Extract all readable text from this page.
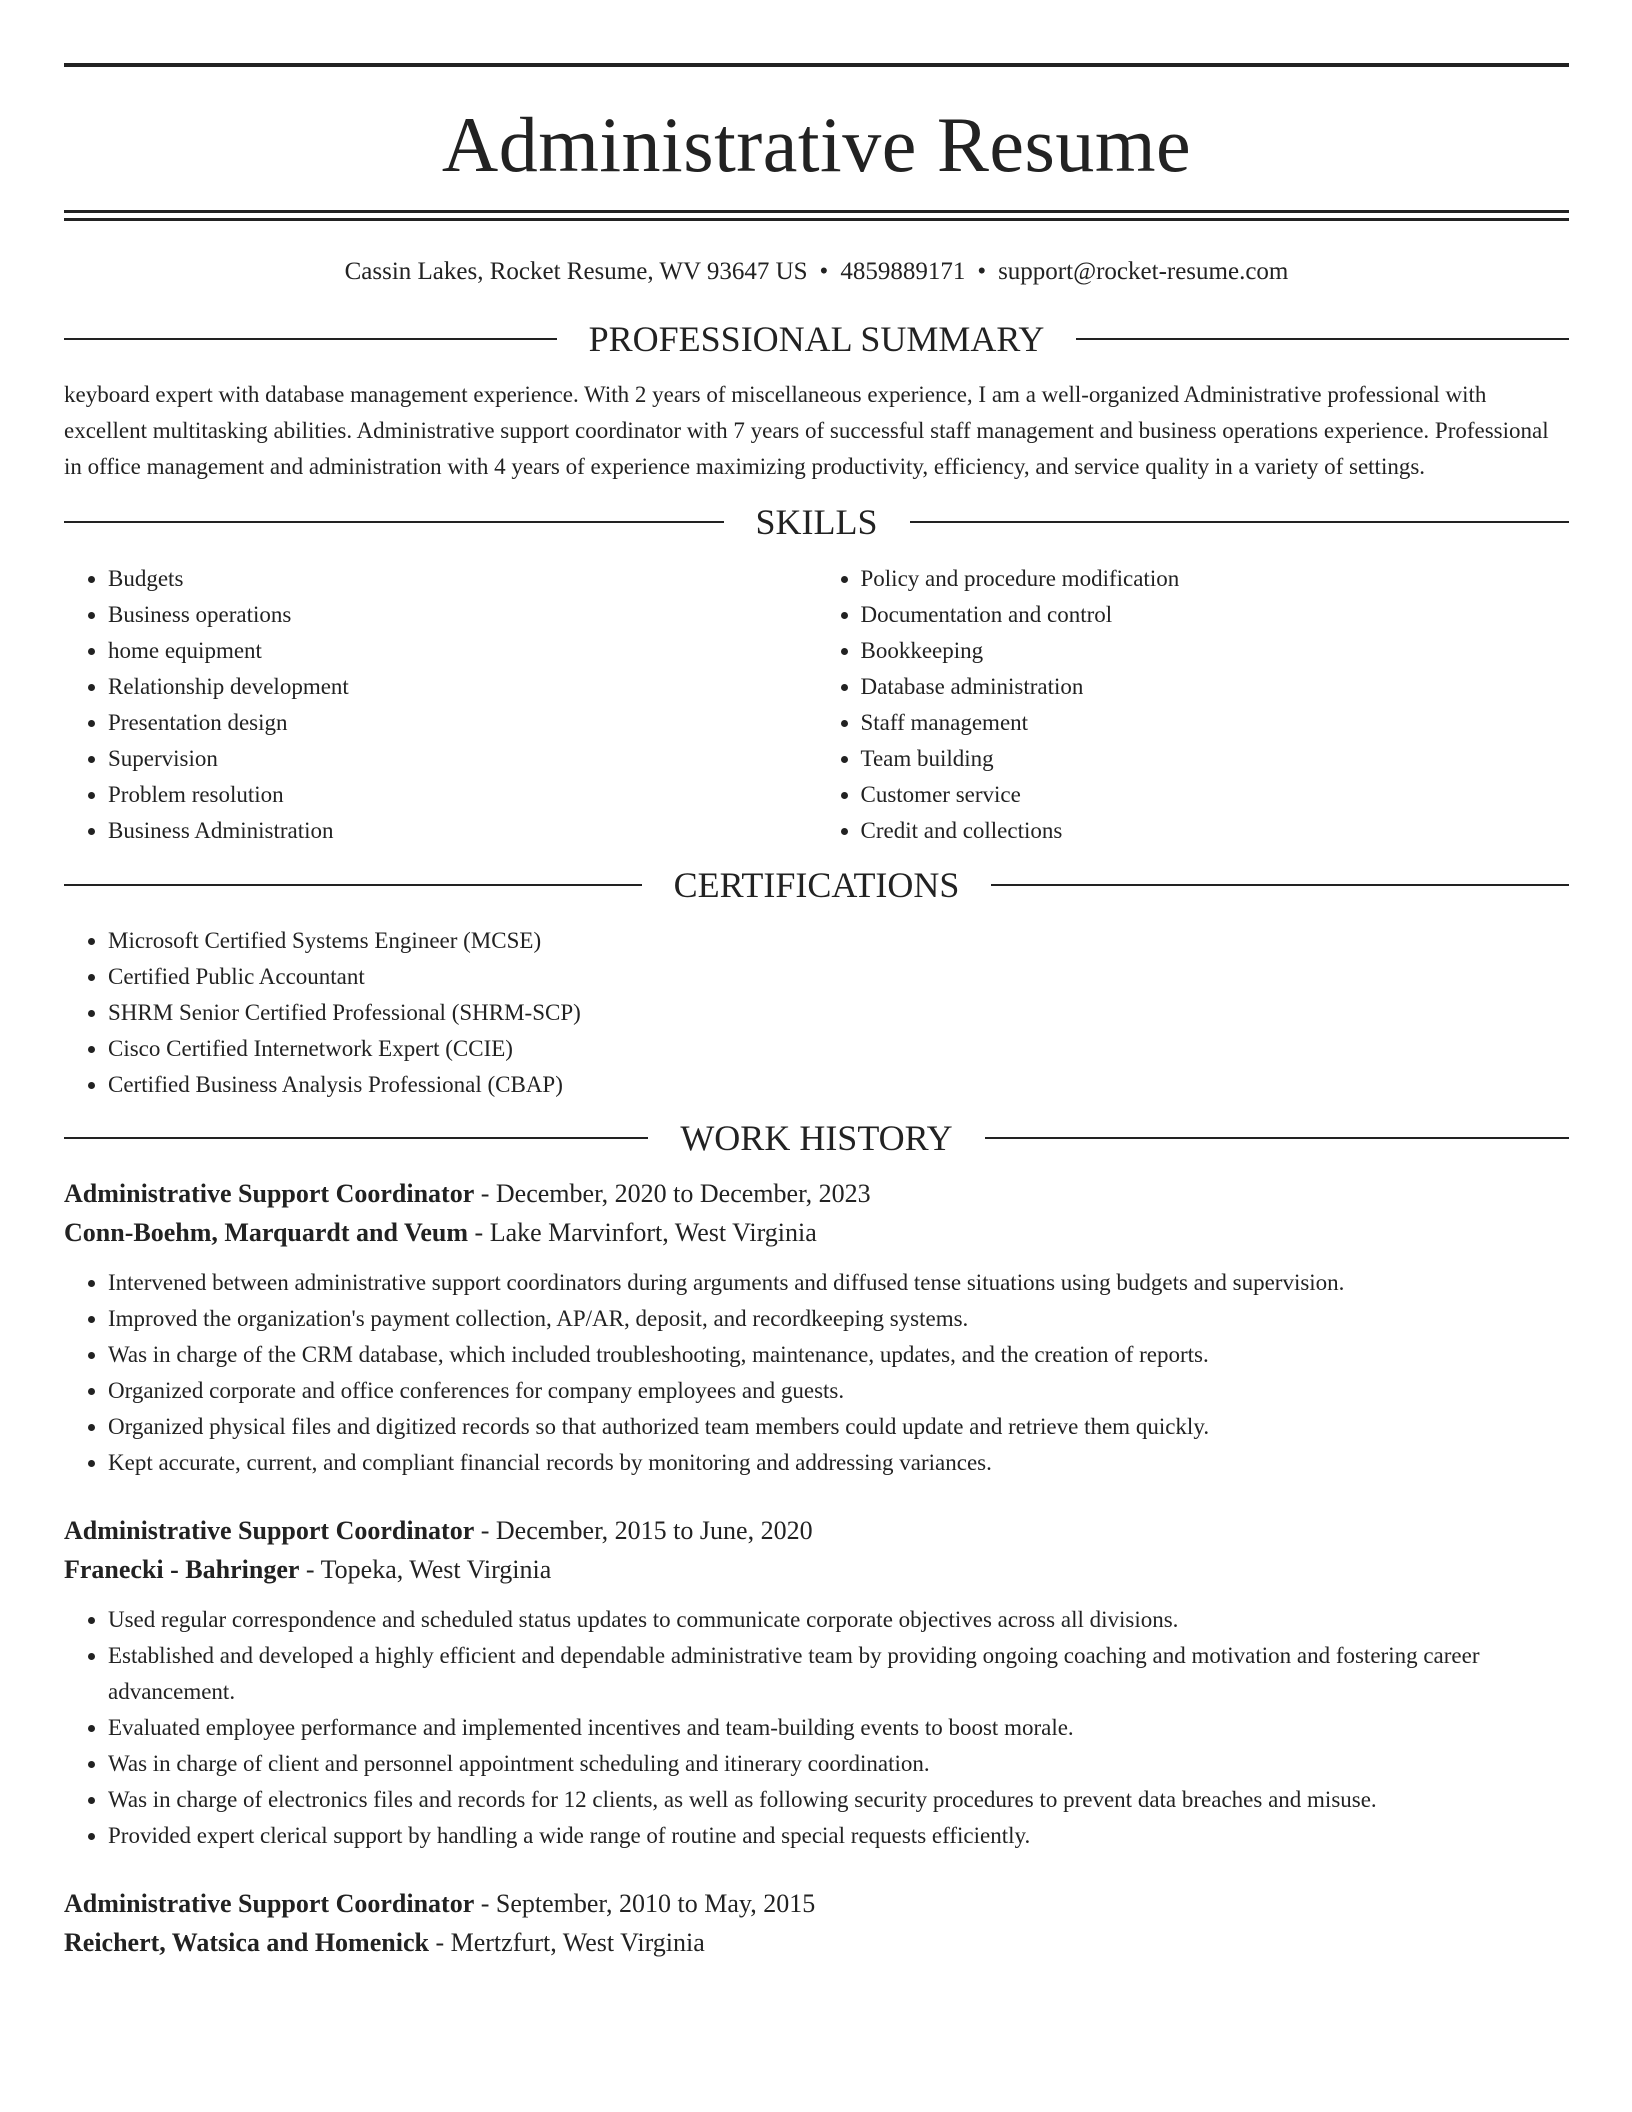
Administrative Resume
Cassin Lakes, Rocket Resume, WV 93647 US • 4859889171 • support@rocket-resume.com
PROFESSIONAL SUMMARY

keyboard expert with database management experience. With 2 years of miscellaneous experience, I am a well-organized Administrative professional with excellent multitasking abilities. Administrative support coordinator with 7 years of successful staff management and business operations experience. Professional in office management and administration with 4 years of experience maximizing productivity, efficiency, and service quality in a variety of settings.

SKILLS
• Budgets
• Business operations
• home equipment
• Relationship development
• Presentation design
• Supervision
• Problem resolution
• Business Administration
• Policy and procedure modification
• Documentation and control
• Bookkeeping
• Database administration
• Staff management
• Team building
• Customer service
• Credit and collections
CERTIFICATIONS
• Microsoft Certified Systems Engineer (MCSE)
• Certified Public Accountant
• SHRM Senior Certified Professional (SHRM-SCP)
• Cisco Certified Internetwork Expert (CCIE)
• Certified Business Analysis Professional (CBAP)
WORK HISTORY
Administrative Support Coordinator - December, 2020 to December, 2023
Conn-Boehm, Marquardt and Veum - Lake Marvinfort, West Virginia
• Intervened between administrative support coordinators during arguments and diffused tense situations using budgets and supervision.
• Improved the organization's payment collection, AP/AR, deposit, and recordkeeping systems.
• Was in charge of the CRM database, which included troubleshooting, maintenance, updates, and the creation of reports.
• Organized corporate and office conferences for company employees and guests.
• Organized physical files and digitized records so that authorized team members could update and retrieve them quickly.
• Kept accurate, current, and compliant financial records by monitoring and addressing variances.
Administrative Support Coordinator - December, 2015 to June, 2020
Franecki - Bahringer - Topeka, West Virginia
• Used regular correspondence and scheduled status updates to communicate corporate objectives across all divisions.
• Established and developed a highly efficient and dependable administrative team by providing ongoing coaching and motivation and fostering career advancement.
• Evaluated employee performance and implemented incentives and team-building events to boost morale.
• Was in charge of client and personnel appointment scheduling and itinerary coordination.
• Was in charge of electronics files and records for 12 clients, as well as following security procedures to prevent data breaches and misuse.
• Provided expert clerical support by handling a wide range of routine and special requests efficiently.
Administrative Support Coordinator - September, 2010 to May, 2015
Reichert, Watsica and Homenick - Mertzfurt, West Virginia
